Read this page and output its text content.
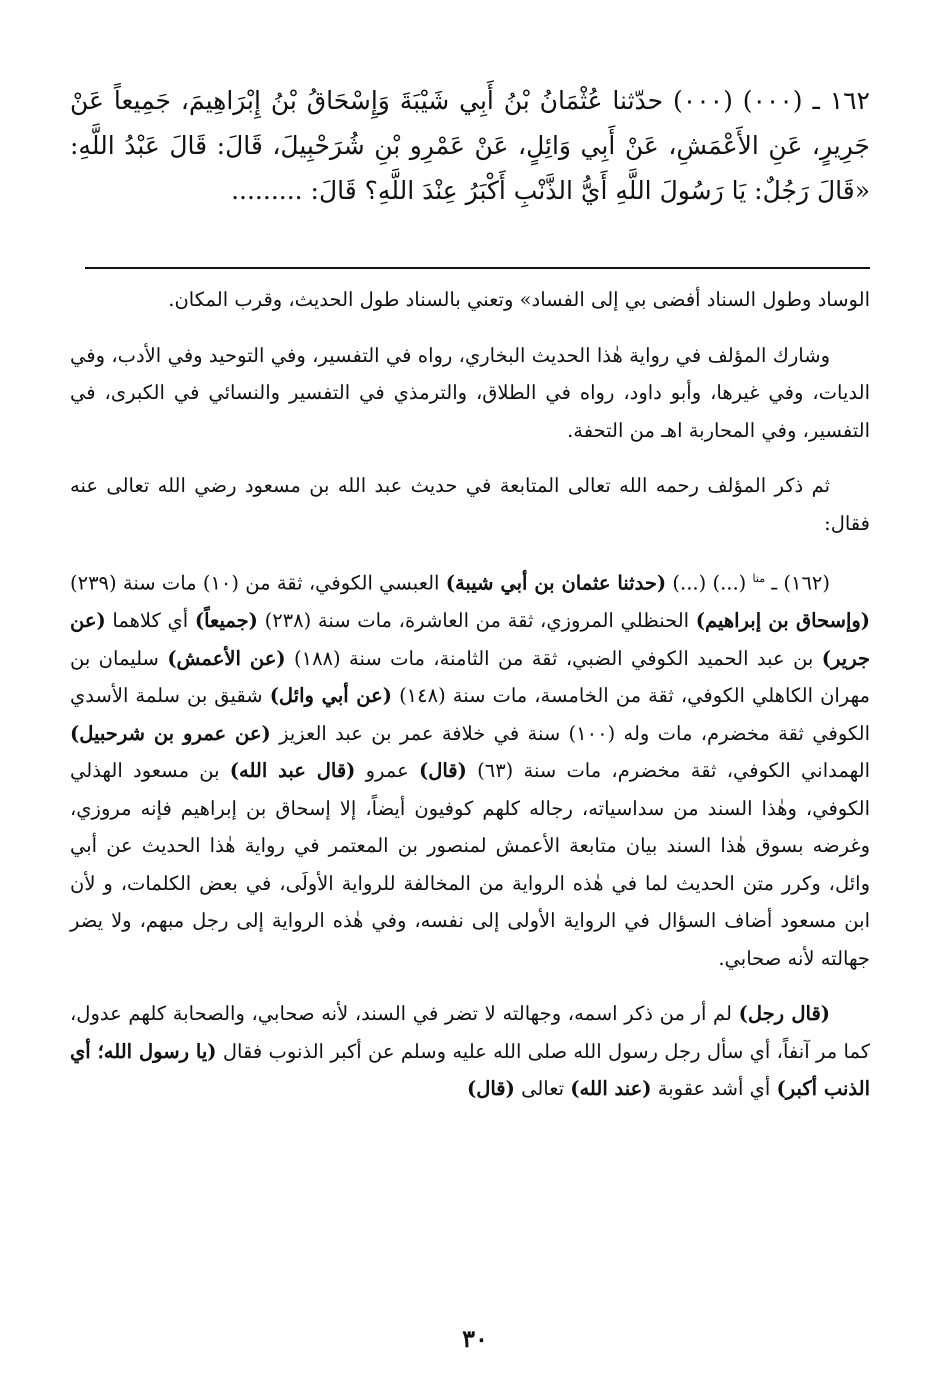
١٦٢ ـ (٠٠٠) (٠٠٠) حدّثنا عُثْمَانُ بْنُ أَبِي شَيْبَةَ وَإِسْحَاقُ بْنُ إِبْرَاهِيمَ، جَمِيعاً عَنْ جَرِيرٍ، عَنِ الأَعْمَشِ، عَنْ أَبِي وَائِلٍ، عَنْ عَمْرِو بْنِ شُرَحْبِيلَ، قَالَ: قَالَ عَبْدُ اللَّهِ: «قَالَ رَجُلٌ: يَا رَسُولَ اللَّهِ أَيُّ الذَّنْبِ أَكْبَرُ عِنْدَ اللَّهِ؟ قَالَ: .........

الوساد وطول السناد أفضى بي إلى الفساد» وتعني بالسناد طول الحديث، وقرب المكان.

وشارك المؤلف في رواية هٰذا الحديث البخاري، رواه في التفسير، وفي التوحيد وفي الأدب، وفي الديات، وفي غيرها، وأبو داود، رواه في الطلاق، والترمذي في التفسير والنسائي في الكبرى، في التفسير، وفي المحاربة اهـ من التحفة.

ثم ذكر المؤلف رحمه الله تعالى المتابعة في حديث عبد الله بن مسعود رضي الله تعالى عنه فقال:

(١٦٢) ـ $^{متا}$ (...) (...) (حدثنا عثمان بن أبي شيبة) العبسي الكوفي، ثقة من (١٠) مات سنة (٢٣٩) (وإسحاق بن إبراهيم) الحنظلي المروزي، ثقة من العاشرة، مات سنة (٢٣٨) (جميعاً) أي كلاهما (عن جرير) بن عبد الحميد الكوفي الضبي، ثقة من الثامنة، مات سنة (١٨٨) (عن الأعمش) سليمان بن مهران الكاهلي الكوفي، ثقة من الخامسة، مات سنة (١٤٨) (عن أبي وائل) شقيق بن سلمة الأسدي الكوفي ثقة مخضرم، مات وله (١٠٠) سنة في خلافة عمر بن عبد العزيز (عن عمرو بن شرحبيل) الهمداني الكوفي، ثقة مخضرم، مات سنة (٦٣) (قال) عمرو (قال عبد الله) بن مسعود الهذلي الكوفي، وهٰذا السند من سداسياته، رجاله كلهم كوفيون أيضاً، إلا إسحاق بن إبراهيم فإنه مروزي، وغرضه بسوق هٰذا السند بيان متابعة الأعمش لمنصور بن المعتمر في رواية هٰذا الحديث عن أبي وائل، وكرر متن الحديث لما في هٰذه الرواية من المخالفة للرواية الأولَى، في بعض الكلمات، و لأن ابن مسعود أضاف السؤال في الرواية الأولى إلى نفسه، وفي هٰذه الرواية إلى رجل مبهم، ولا يضر جهالته لأنه صحابي.

(قال رجل) لم أر من ذكر اسمه، وجهالته لا تضر في السند، لأنه صحابي، والصحابة كلهم عدول، كما مر آنفاً، أي سأل رجل رسول الله صلى الله عليه وسلم عن أكبر الذنوب فقال (يا رسول الله؛ أي الذنب أكبر) أي أشد عقوبة (عند الله) تعالى (قال)

٣٠
